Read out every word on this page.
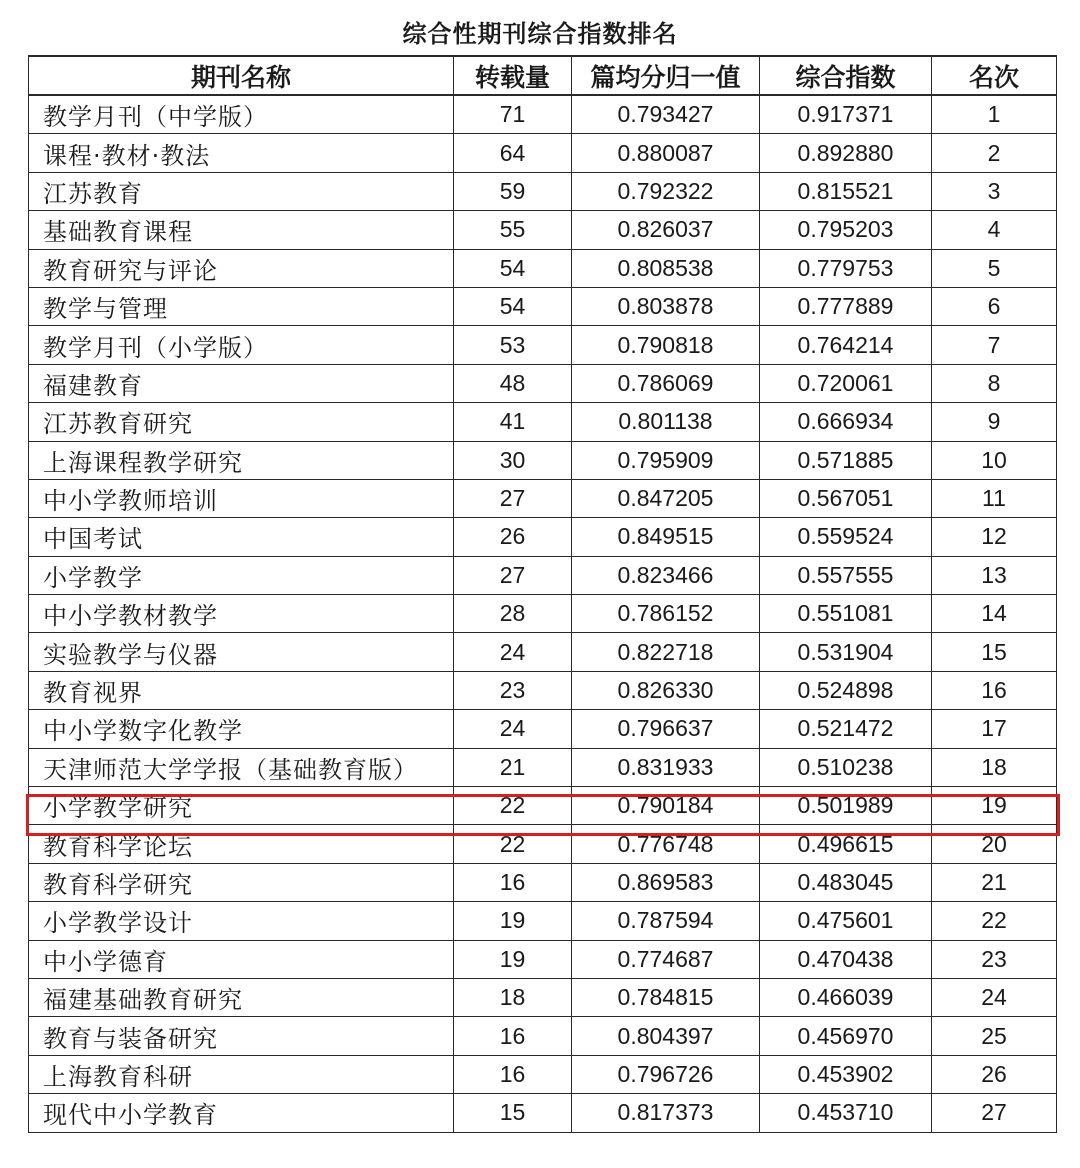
综合性期刊综合指数排名
期刊名称	转载量	篇均分归一值	综合指数	名次
教学月刊（中学版）	71	0.793427	0.917371	1
课程·教材·教法	64	0.880087	0.892880	2
江苏教育	59	0.792322	0.815521	3
基础教育课程	55	0.826037	0.795203	4
教育研究与评论	54	0.808538	0.779753	5
教学与管理	54	0.803878	0.777889	6
教学月刊（小学版）	53	0.790818	0.764214	7
福建教育	48	0.786069	0.720061	8
江苏教育研究	41	0.801138	0.666934	9
上海课程教学研究	30	0.795909	0.571885	10
中小学教师培训	27	0.847205	0.567051	11
中国考试	26	0.849515	0.559524	12
小学教学	27	0.823466	0.557555	13
中小学教材教学	28	0.786152	0.551081	14
实验教学与仪器	24	0.822718	0.531904	15
教育视界	23	0.826330	0.524898	16
中小学数字化教学	24	0.796637	0.521472	17
天津师范大学学报（基础教育版）	21	0.831933	0.510238	18
小学教学研究	22	0.790184	0.501989	19
教育科学论坛	22	0.776748	0.496615	20
教育科学研究	16	0.869583	0.483045	21
小学教学设计	19	0.787594	0.475601	22
中小学德育	19	0.774687	0.470438	23
福建基础教育研究	18	0.784815	0.466039	24
教育与装备研究	16	0.804397	0.456970	25
上海教育科研	16	0.796726	0.453902	26
现代中小学教育	15	0.817373	0.453710	27
